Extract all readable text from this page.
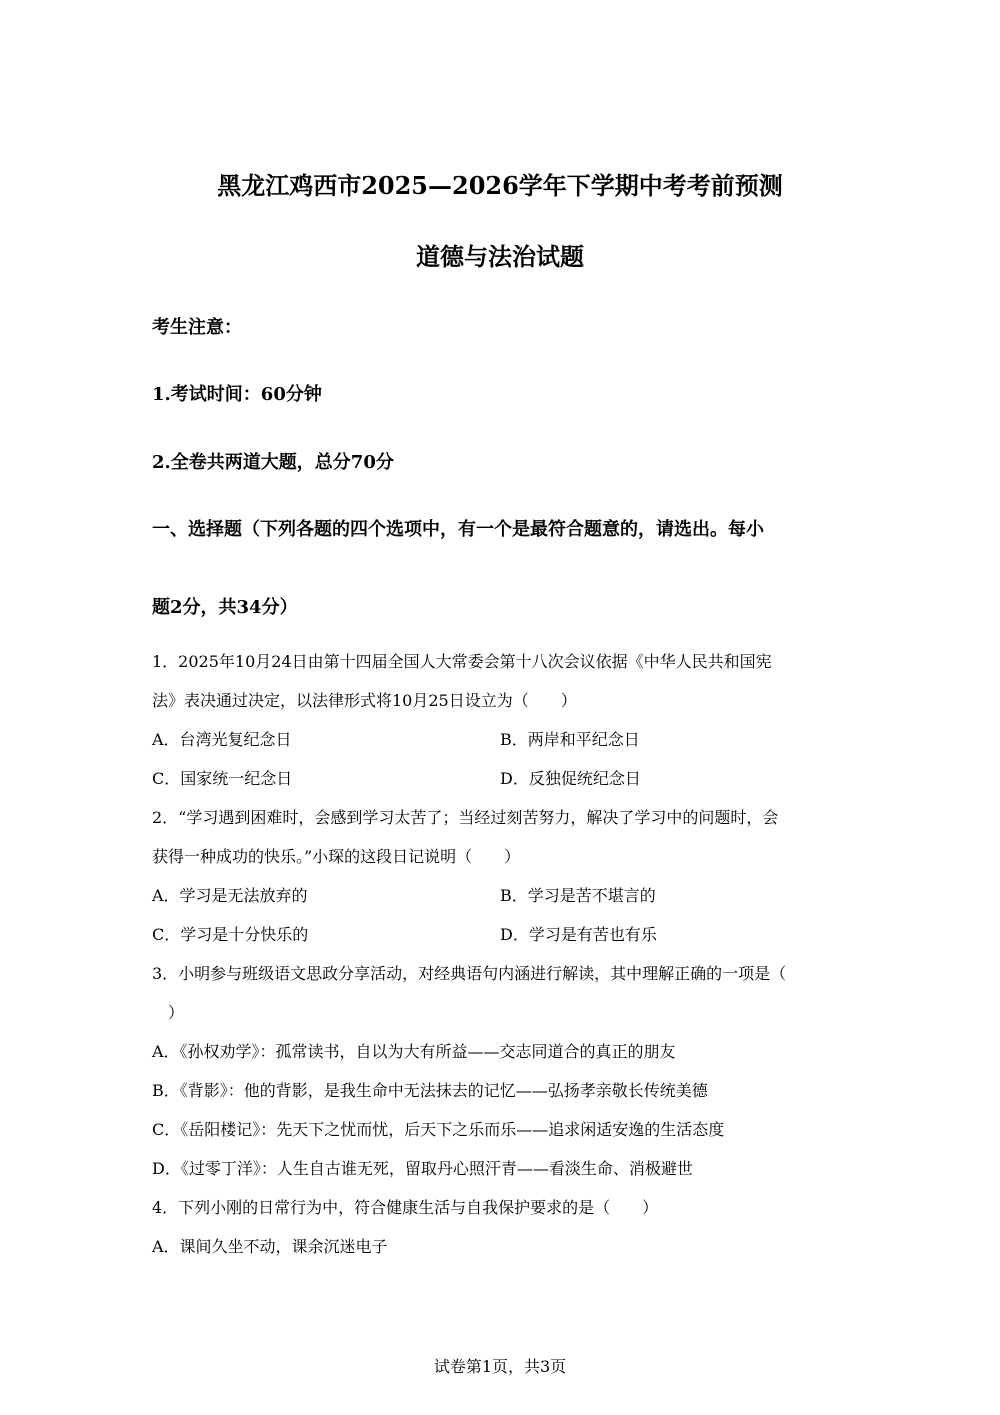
黑龙江鸡西市2025—2026学年下学期中考考前预测
道德与法治试题
考生注意：
1.考试时间：60分钟
2.全卷共两道大题，总分70分
一、选择题（下列各题的四个选项中，有一个是最符合题意的，请选出。每小
题2分，共34分）
1．2025年10月24日由第十四届全国人大常委会第十八次会议依据《中华人民共和国宪
法》表决通过决定，以法律形式将10月25日设立为（　　）
A．台湾光复纪念日	B．两岸和平纪念日
C．国家统一纪念日	D．反独促统纪念日
2．“学习遇到困难时，会感到学习太苦了；当经过刻苦努力，解决了学习中的问题时，会
获得一种成功的快乐。”小琛的这段日记说明（　　）
A．学习是无法放弃的	B．学习是苦不堪言的
C．学习是十分快乐的	D．学习是有苦也有乐
3．小明参与班级语文思政分享活动，对经典语句内涵进行解读，其中理解正确的一项是（
　）
A．《孙权劝学》：孤常读书，自以为大有所益——交志同道合的真正的朋友
B．《背影》：他的背影，是我生命中无法抹去的记忆——弘扬孝亲敬长传统美德
C．《岳阳楼记》：先天下之忧而忧，后天下之乐而乐——追求闲适安逸的生活态度
D．《过零丁洋》：人生自古谁无死，留取丹心照汗青——看淡生命、消极避世
4．下列小刚的日常行为中，符合健康生活与自我保护要求的是（　　）
A．课间久坐不动，课余沉迷电子
试卷第1页，共3页
